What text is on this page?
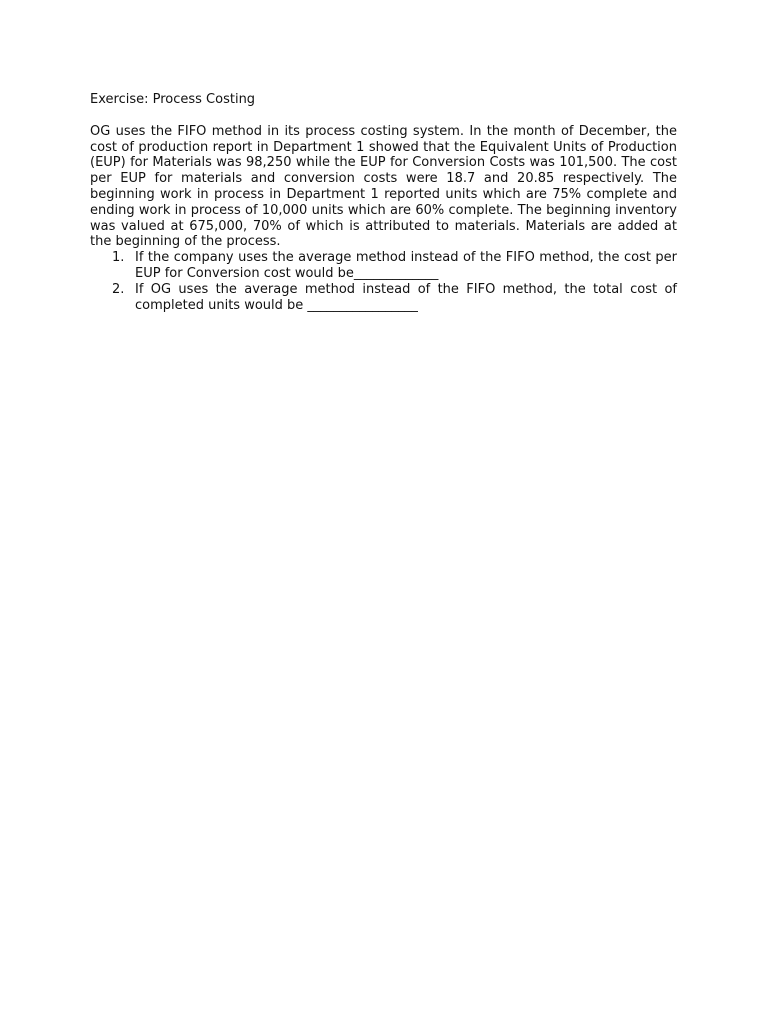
Exercise: Process Costing

OG uses the FIFO method in its process costing system. In the month of December, the cost of production report in Department 1 showed that the Equivalent Units of Production (EUP) for Materials was 98,250 while the EUP for Conversion Costs was 101,500. The cost per EUP for materials and conversion costs were 18.7 and 20.85 respectively. The beginning work in process in Department 1 reported units which are 75% complete and ending work in process of 10,000 units which are 60% complete. The beginning inventory was valued at 675,000, 70% of which is attributed to materials. Materials are added at the beginning of the process.

1. If the company uses the average method instead of the FIFO method, the cost per EUP for Conversion cost would be_____________
2. If OG uses the average method instead of the FIFO method, the total cost of completed units would be _________________
